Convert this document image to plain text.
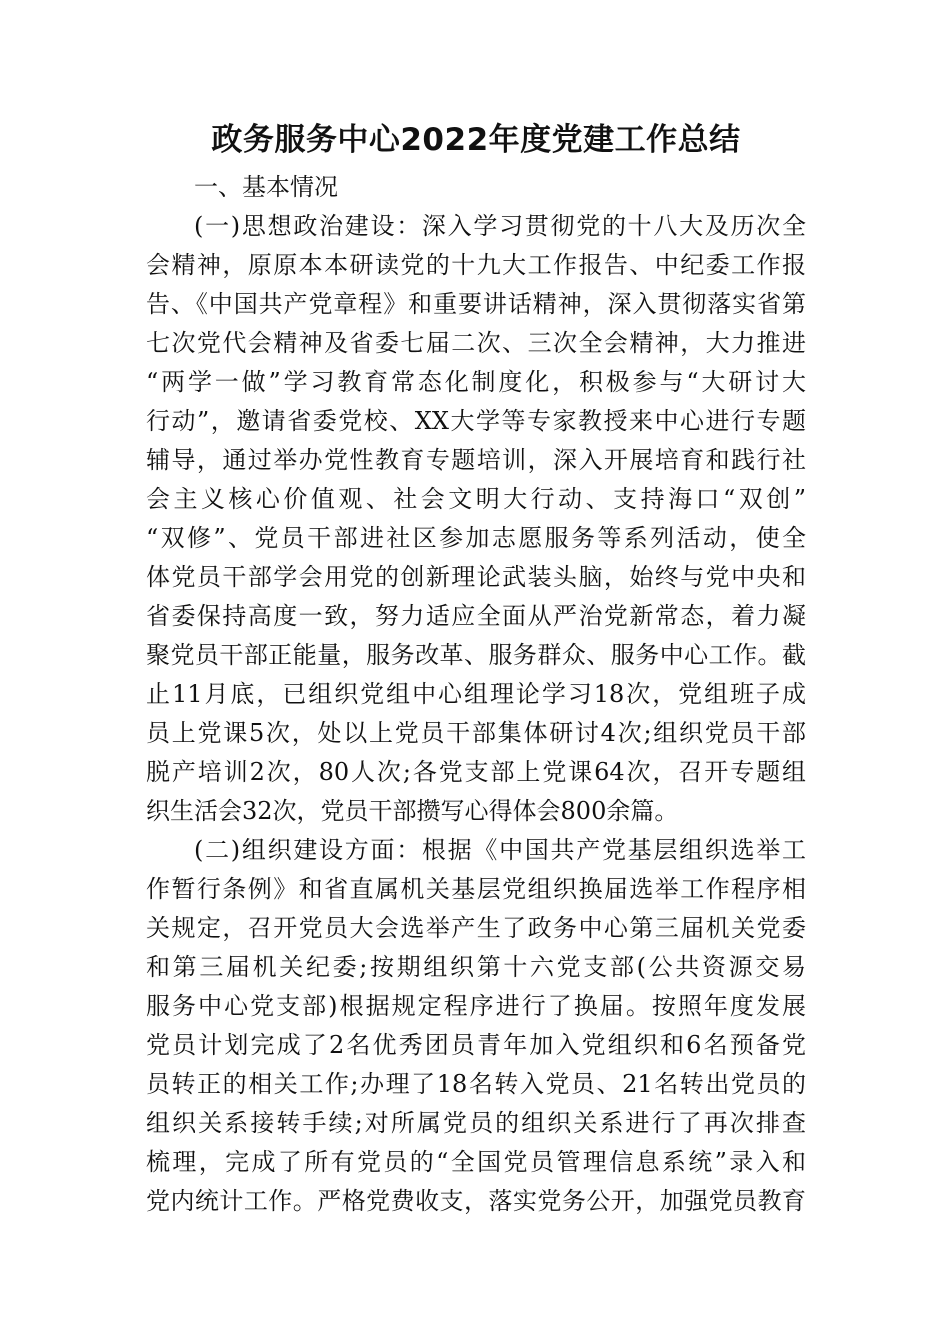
政务服务中心2022年度党建工作总结
一、基本情况
(一)思想政治建设：深入学习贯彻党的十八大及历次全
会精神，原原本本研读党的十九大工作报告、中纪委工作报
告、《中国共产党章程》和重要讲话精神，深入贯彻落实省第
七次党代会精神及省委七届二次、三次全会精神，大力推进
“两学一做”学习教育常态化制度化，积极参与“大研讨大
行动”，邀请省委党校、XX大学等专家教授来中心进行专题
辅导，通过举办党性教育专题培训，深入开展培育和践行社
会主义核心价值观、社会文明大行动、支持海口“双创”
“双修”、党员干部进社区参加志愿服务等系列活动，使全
体党员干部学会用党的创新理论武装头脑，始终与党中央和
省委保持高度一致，努力适应全面从严治党新常态，着力凝
聚党员干部正能量，服务改革、服务群众、服务中心工作。截
止11月底，已组织党组中心组理论学习18次，党组班子成
员上党课5次，处以上党员干部集体研讨4次;组织党员干部
脱产培训2次，80人次;各党支部上党课64次，召开专题组
织生活会32次，党员干部攒写心得体会800余篇。
(二)组织建设方面：根据《中国共产党基层组织选举工
作暂行条例》和省直属机关基层党组织换届选举工作程序相
关规定，召开党员大会选举产生了政务中心第三届机关党委
和第三届机关纪委;按期组织第十六党支部(公共资源交易
服务中心党支部)根据规定程序进行了换届。按照年度发展
党员计划完成了2名优秀团员青年加入党组织和6名预备党
员转正的相关工作;办理了18名转入党员、21名转出党员的
组织关系接转手续;对所属党员的组织关系进行了再次排查
梳理，完成了所有党员的“全国党员管理信息系统”录入和
党内统计工作。严格党费收支，落实党务公开，加强党员教育
